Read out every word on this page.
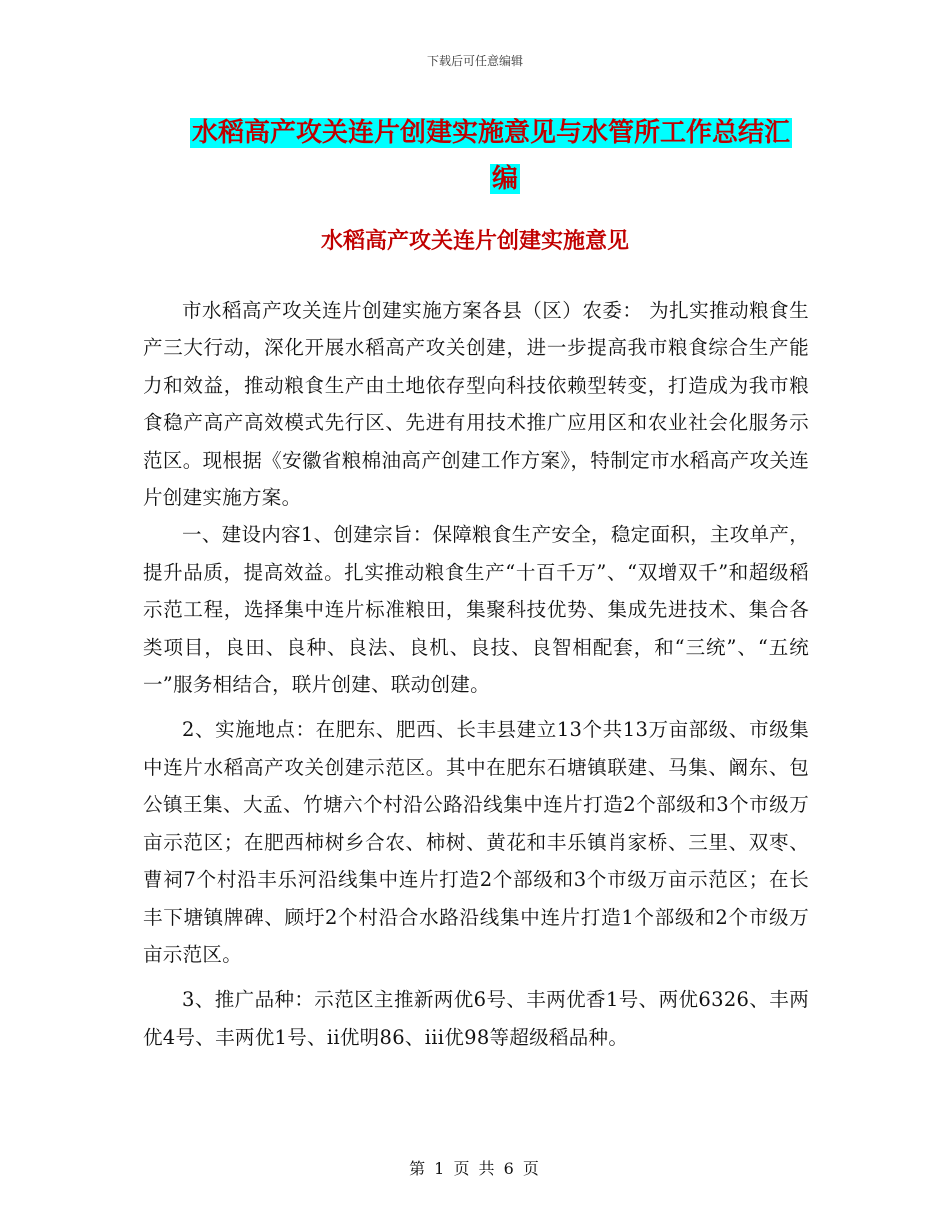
下载后可任意编辑
水稻高产攻关连片创建实施意见与水管所工作总结汇
编
水稻高产攻关连片创建实施意见

市水稻高产攻关连片创建实施方案各县（区）农委： 为扎实推动粮食生产三大行动，深化开展水稻高产攻关创建，进一步提高我市粮食综合生产能力和效益，推动粮食生产由土地依存型向科技依赖型转变，打造成为我市粮食稳产高产高效模式先行区、先进有用技术推广应用区和农业社会化服务示范区。现根据《安徽省粮棉油高产创建工作方案》，特制定市水稻高产攻关连片创建实施方案。

一、建设内容1、创建宗旨：保障粮食生产安全，稳定面积，主攻单产，提升品质，提高效益。扎实推动粮食生产“十百千万”、“双增双千”和超级稻示范工程，选择集中连片标准粮田，集聚科技优势、集成先进技术、集合各类项目，良田、良种、良法、良机、良技、良智相配套，和“三统”、“五统一”服务相结合，联片创建、联动创建。

2、实施地点：在肥东、肥西、长丰县建立13个共13万亩部级、市级集中连片水稻高产攻关创建示范区。其中在肥东石塘镇联建、马集、阚东、包公镇王集、大孟、竹塘六个村沿公路沿线集中连片打造2个部级和3个市级万亩示范区；在肥西柿树乡合农、柿树、黄花和丰乐镇肖家桥、三里、双枣、曹祠7个村沿丰乐河沿线集中连片打造2个部级和3个市级万亩示范区；在长丰下塘镇牌碑、顾圩2个村沿合水路沿线集中连片打造1个部级和2个市级万亩示范区。

3、推广品种：示范区主推新两优6号、丰两优香1号、两优6326、丰两优4号、丰两优1号、ii优明86、iii优98等超级稻品种。

第 1 页 共 6 页
